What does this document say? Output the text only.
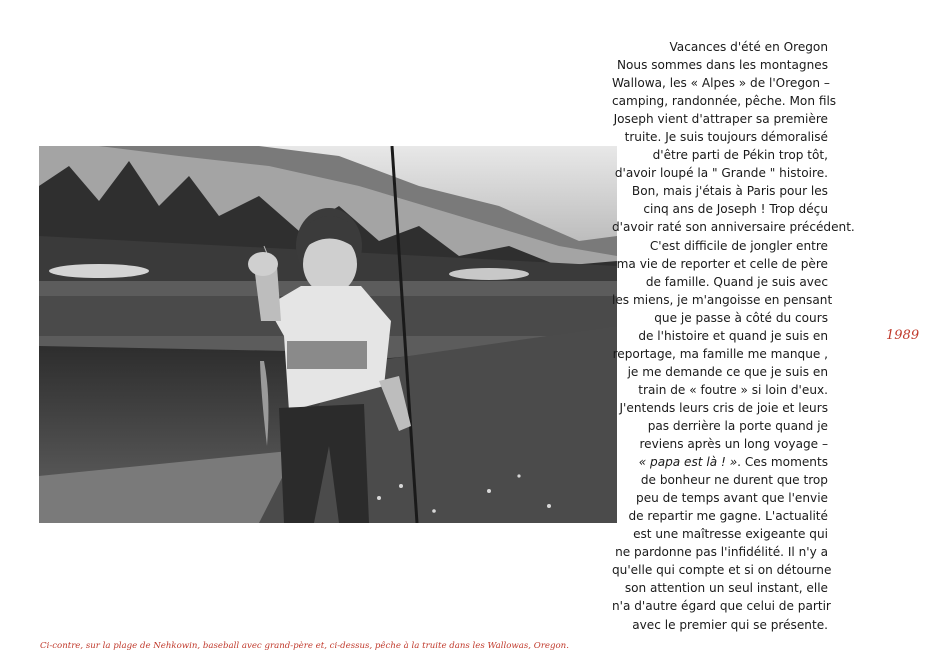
Vacances d'été en Oregon
Nous sommes dans les montagnes
Wallowa, les « Alpes » de l'Oregon –
camping, randonnée, pêche. Mon fils
Joseph vient d'attraper sa première
truite. Je suis toujours démoralisé
d'être parti de Pékin trop tôt,
d'avoir loupé la " Grande " histoire.
Bon, mais j'étais à Paris pour les
cinq ans de Joseph ! Trop déçu
d'avoir raté son anniversaire précédent.
C'est difficile de jongler entre
ma vie de reporter et celle de père
de famille. Quand je suis avec
les miens, je m'angoisse en pensant
que je passe à côté du cours
de l'histoire et quand je suis en
reportage, ma famille me manque ,
je me demande ce que je suis en
train de « foutre » si loin d'eux.
J'entends leurs cris de joie et leurs
pas derrière la porte quand je
reviens après un long voyage –
« papa est là ! ». Ces moments
de bonheur ne durent que trop
peu de temps avant que l'envie
de repartir me gagne. L'actualité
est une maîtresse exigeante qui
ne pardonne pas l'infidélité. Il n'y a
qu'elle qui compte et si on détourne
son attention un seul instant, elle
n'a d'autre égard que celui de partir
avec le premier qui se présente.
1989
Ci-contre, sur la plage de Nehkowin, baseball avec grand-père et, ci-dessus, pêche à la truite dans les Wallowas, Oregon.
